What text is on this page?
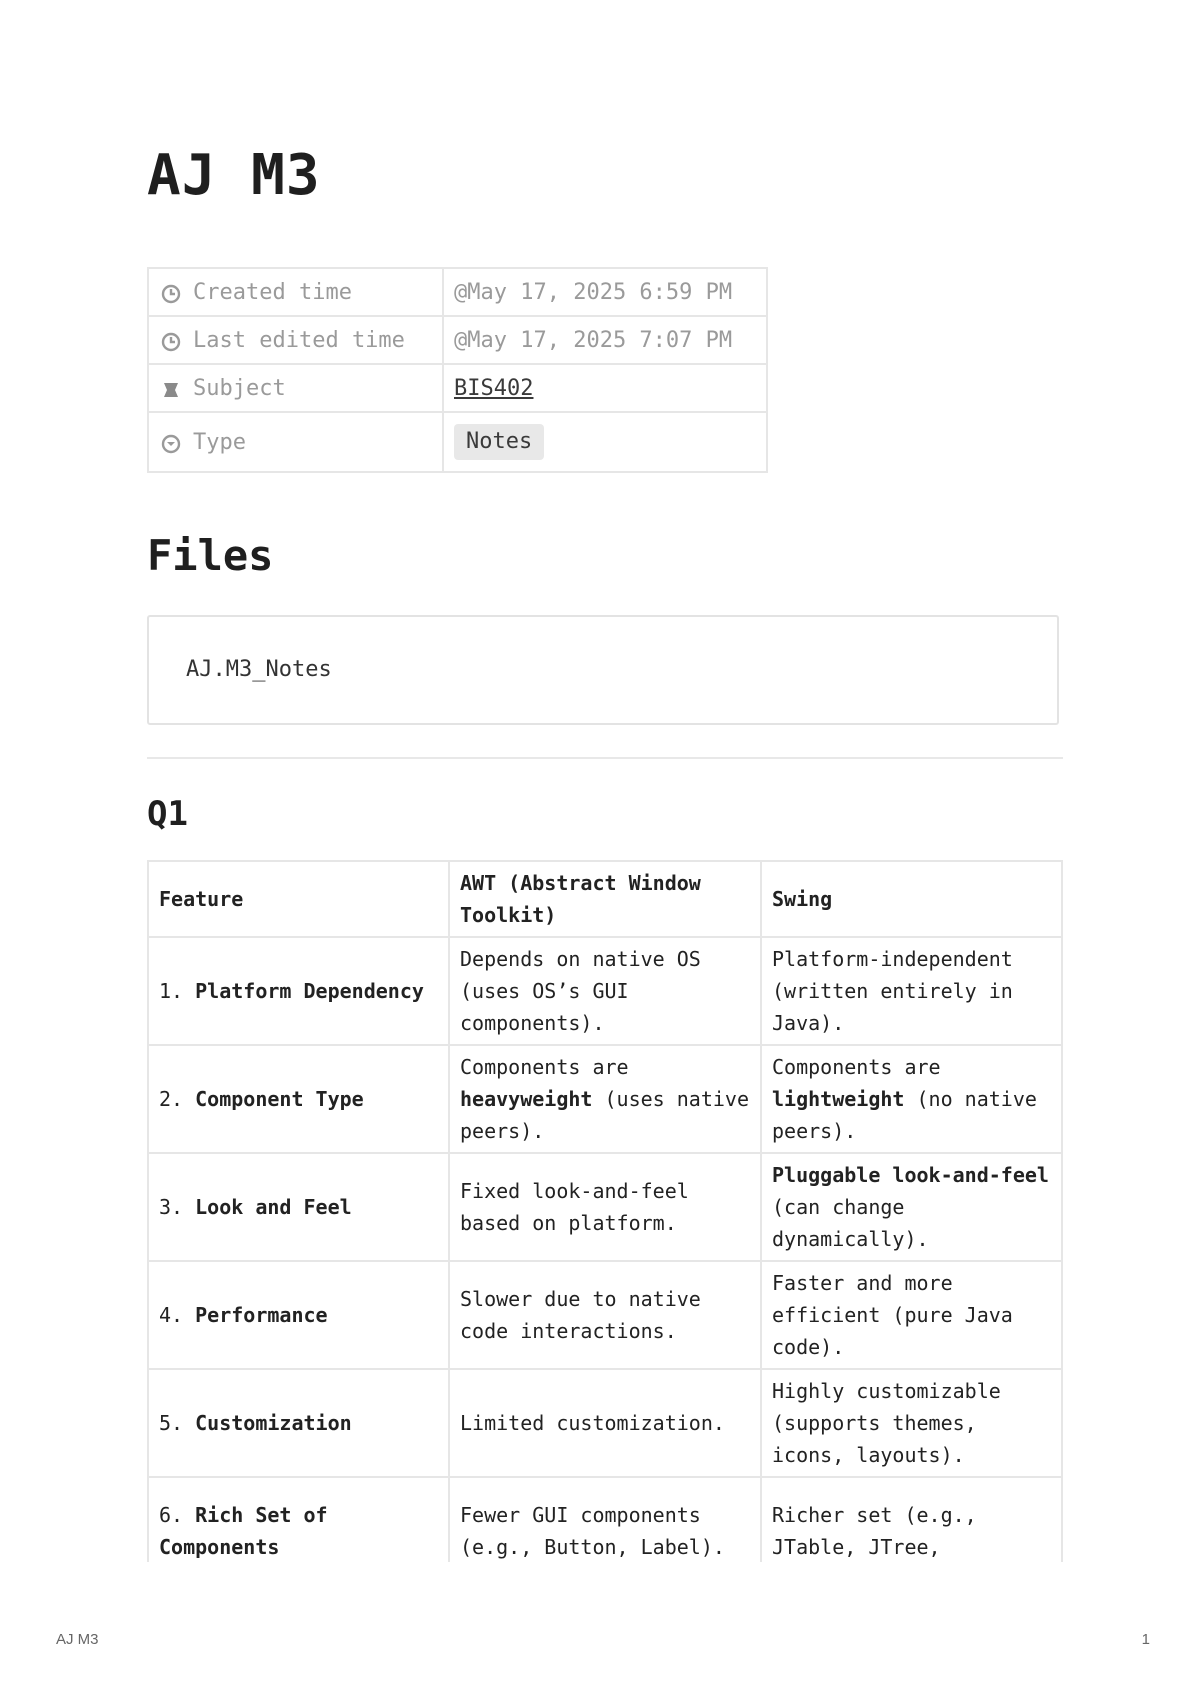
AJ M3
Created time	@May 17, 2025 6:59 PM
Last edited time	@May 17, 2025 7:07 PM
Subject	BIS402
Type	Notes
Files
AJ.M3_Notes
Q1
Feature	AWT (Abstract Window Toolkit)	Swing
1. Platform Dependency	Depends on native OS (uses OS’s GUI components).	Platform-independent (written entirely in Java).
2. Component Type	Components are heavyweight (uses native peers).	Components are lightweight (no native peers).
3. Look and Feel	Fixed look-and-feel based on platform.	Pluggable look-and-feel (can change dynamically).
4. Performance	Slower due to native code interactions.	Faster and more efficient (pure Java code).
5. Customization	Limited customization.	Highly customizable (supports themes, icons, layouts).
6. Rich Set of Components	Fewer GUI components (e.g., Button, Label).	Richer set (e.g., JTable, JTree,
AJ M3	1
